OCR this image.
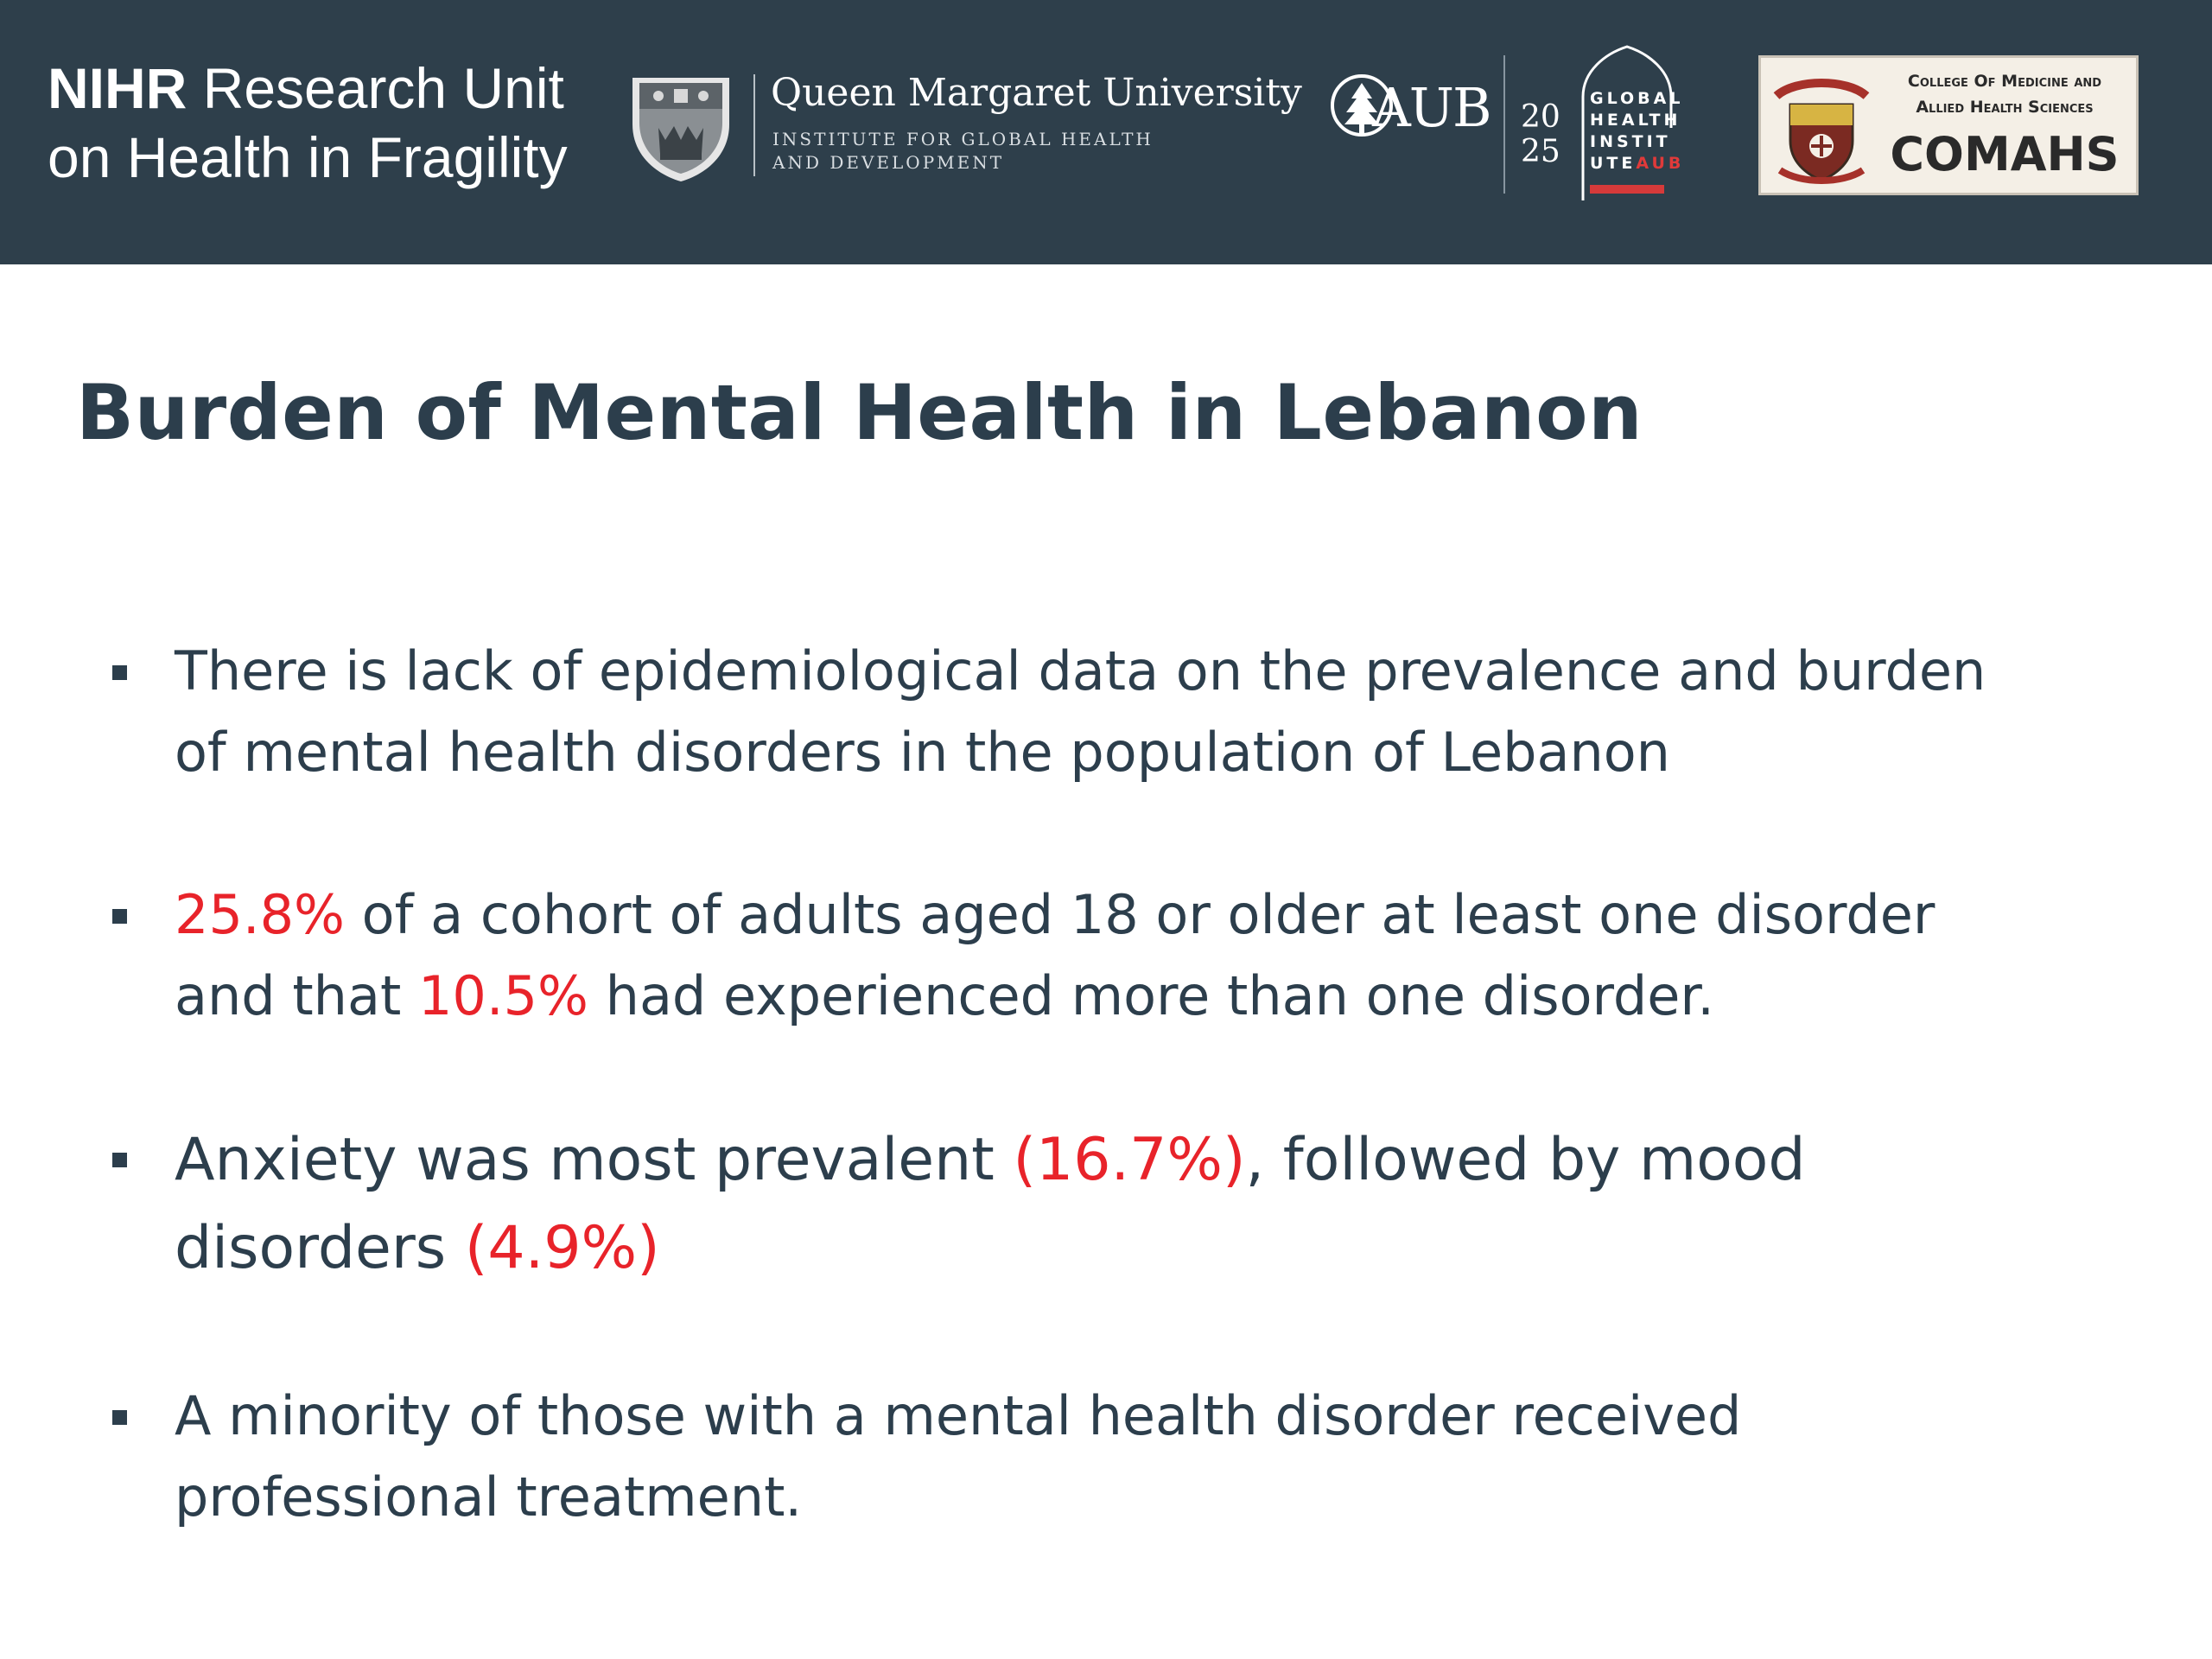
NIHR Research Unit
on Health in Fragility
Queen Margaret University
INSTITUTE FOR GLOBAL HEALTH
AND DEVELOPMENT
AUB 20
25
GLOBAL
HEALTH
INSTIT
UTEAUB
College Of Medicine and
Allied Health Sciences
COMAHS
Burden of Mental Health in Lebanon

There is lack of epidemiological data on the prevalence and burden
of mental health disorders in the population of Lebanon

25.8% of a cohort of adults aged 18 or older at least one disorder
and that 10.5% had experienced more than one disorder.

Anxiety was most prevalent (16.7%), followed by mood
disorders (4.9%)

A minority of those with a mental health disorder received
professional treatment.
